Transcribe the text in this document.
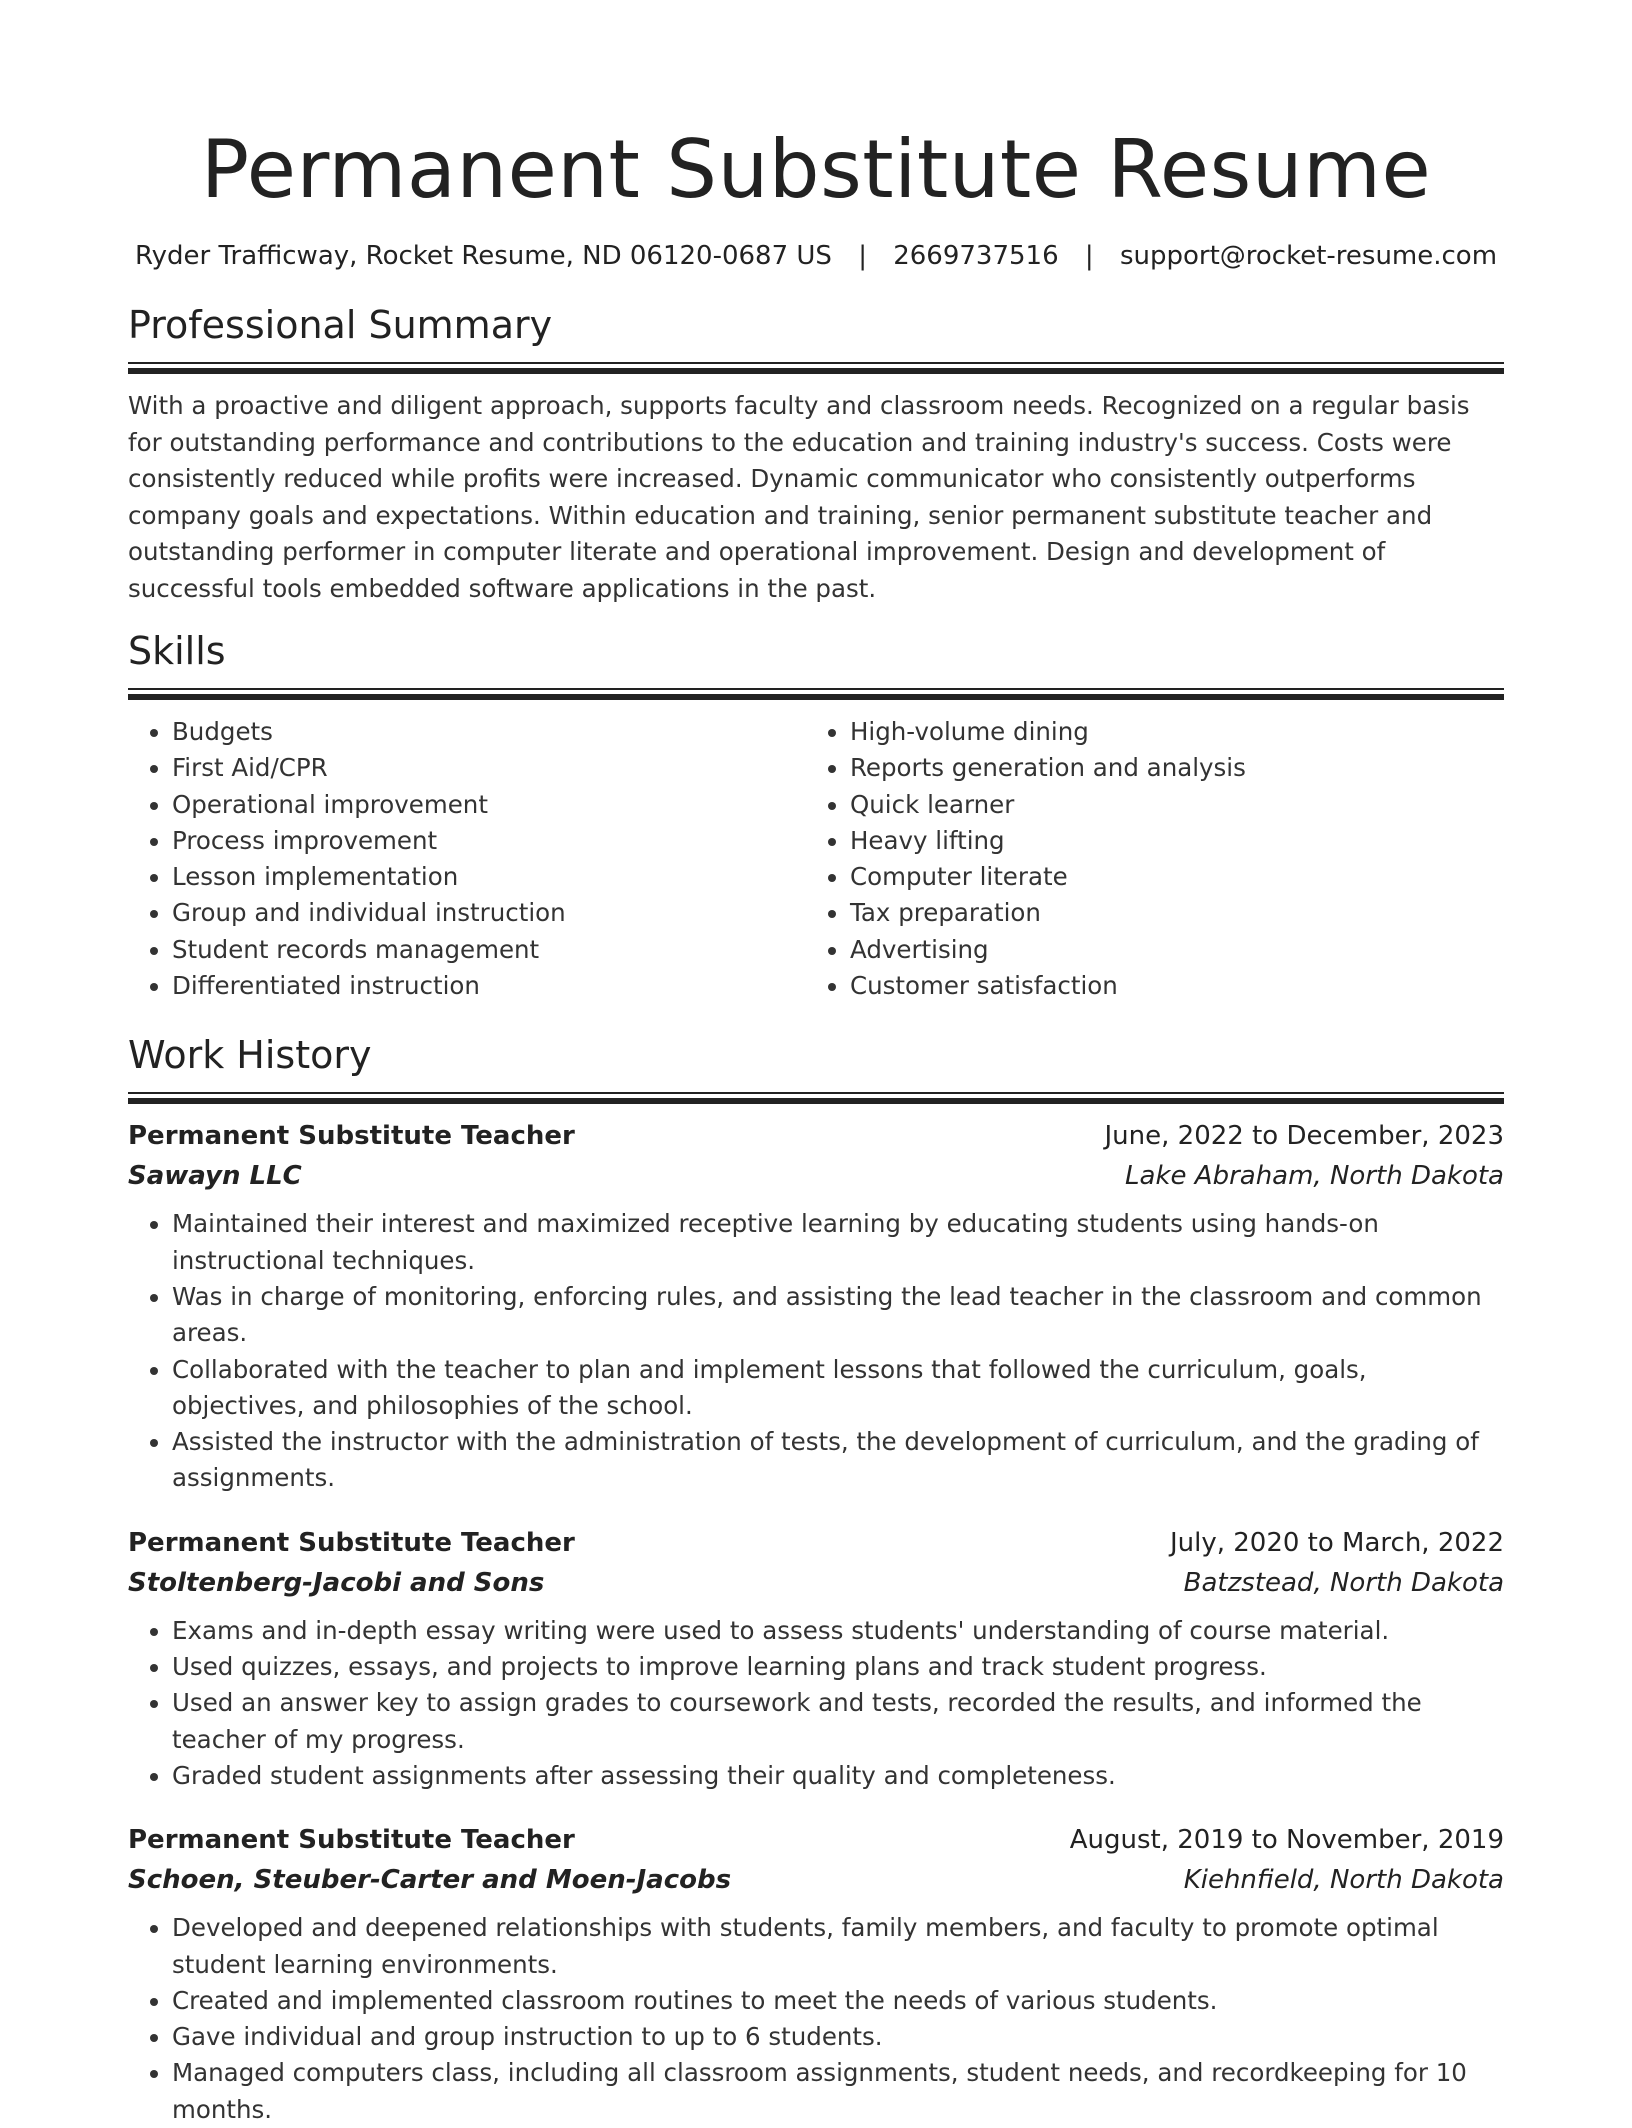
Permanent Substitute Resume
Ryder Trafficway, Rocket Resume, ND 06120-0687 US | 2669737516 | support@rocket-resume.com
Professional Summary
With a proactive and diligent approach, supports faculty and classroom needs. Recognized on a regular basis for outstanding performance and contributions to the education and training industry's success. Costs were consistently reduced while profits were increased. Dynamic communicator who consistently outperforms company goals and expectations. Within education and training, senior permanent substitute teacher and outstanding performer in computer literate and operational improvement. Design and development of successful tools embedded software applications in the past.
Skills
• Budgets
• First Aid/CPR
• Operational improvement
• Process improvement
• Lesson implementation
• Group and individual instruction
• Student records management
• Differentiated instruction
• High-volume dining
• Reports generation and analysis
• Quick learner
• Heavy lifting
• Computer literate
• Tax preparation
• Advertising
• Customer satisfaction
Work History
Permanent Substitute Teacher	June, 2022 to December, 2023
Sawayn LLC	Lake Abraham, North Dakota
• Maintained their interest and maximized receptive learning by educating students using hands-on instructional techniques.
• Was in charge of monitoring, enforcing rules, and assisting the lead teacher in the classroom and common areas.
• Collaborated with the teacher to plan and implement lessons that followed the curriculum, goals, objectives, and philosophies of the school.
• Assisted the instructor with the administration of tests, the development of curriculum, and the grading of assignments.
Permanent Substitute Teacher	July, 2020 to March, 2022
Stoltenberg-Jacobi and Sons	Batzstead, North Dakota
• Exams and in-depth essay writing were used to assess students' understanding of course material.
• Used quizzes, essays, and projects to improve learning plans and track student progress.
• Used an answer key to assign grades to coursework and tests, recorded the results, and informed the teacher of my progress.
• Graded student assignments after assessing their quality and completeness.
Permanent Substitute Teacher	August, 2019 to November, 2019
Schoen, Steuber-Carter and Moen-Jacobs	Kiehnfield, North Dakota
• Developed and deepened relationships with students, family members, and faculty to promote optimal student learning environments.
• Created and implemented classroom routines to meet the needs of various students.
• Gave individual and group instruction to up to 6 students.
• Managed computers class, including all classroom assignments, student needs, and recordkeeping for 10 months.
